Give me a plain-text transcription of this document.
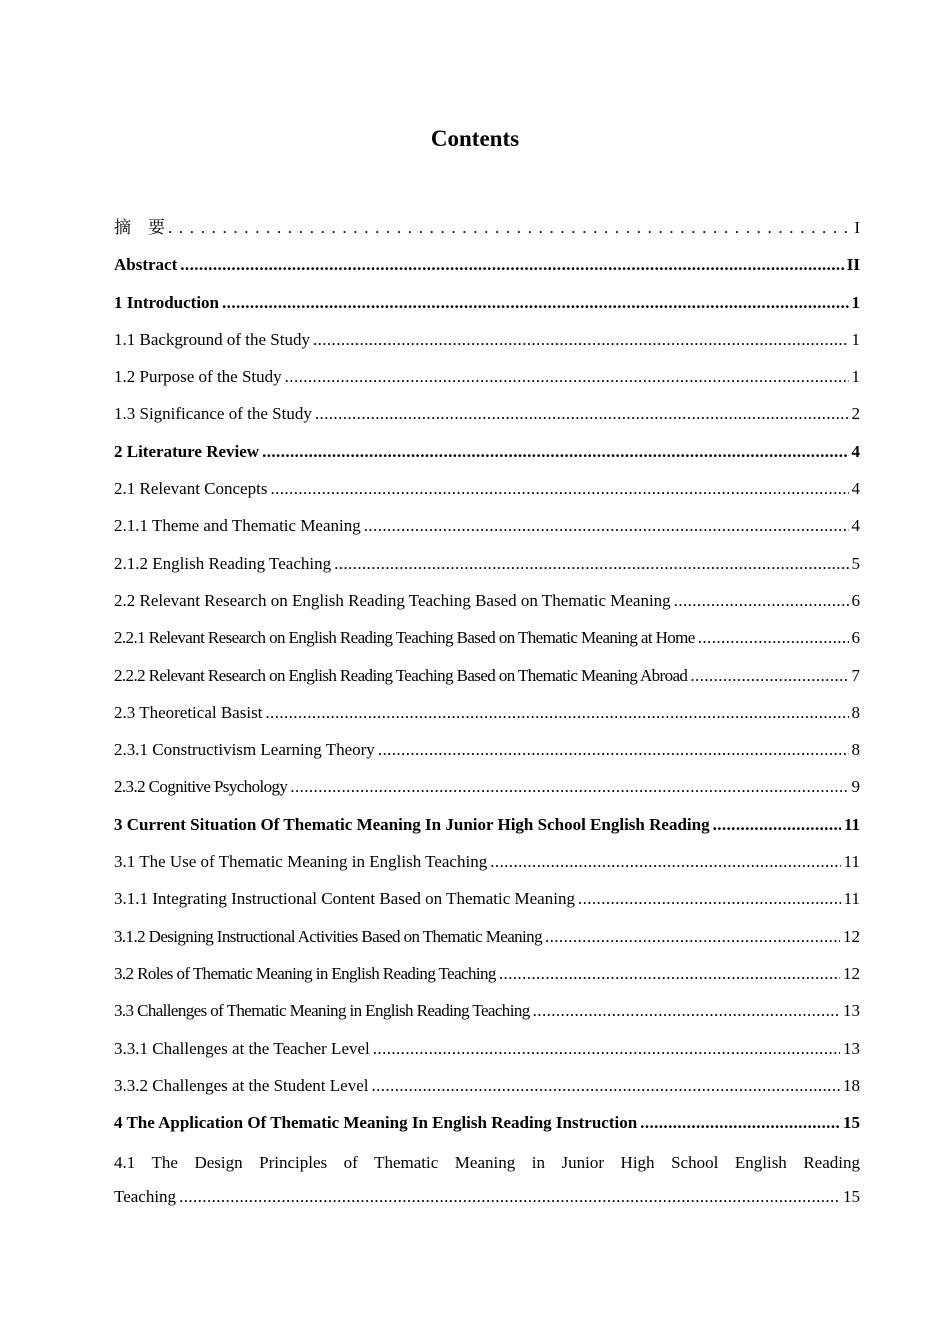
Contents
摘　要 . . .	I
Abstract .....	II
1 Introduction .....	1
1.1 Background of the Study .....	1
1.2 Purpose of the Study .....	1
1.3 Significance of the Study .....	2
2 Literature Review .....	4
2.1 Relevant Concepts .....	4
2.1.1 Theme and Thematic Meaning .....	4
2.1.2 English Reading Teaching .....	5
2.2 Relevant Research on English Reading Teaching Based on Thematic Meaning .....	6
2.2.1 Relevant Research on English Reading Teaching Based on Thematic Meaning at Home .....	6
2.2.2 Relevant Research on English Reading Teaching Based on Thematic Meaning Abroad .....	7
2.3 Theoretical Basist .....	8
2.3.1 Constructivism Learning Theory .....	8
2.3.2 Cognitive Psychology .....	9
3 Current Situation Of Thematic Meaning In Junior High School English Reading .....	11
3.1 The Use of Thematic Meaning in English Teaching .....	11
3.1.1 Integrating Instructional Content Based on Thematic Meaning .....	11
3.1.2 Designing Instructional Activities Based on Thematic Meaning .....	12
3.2 Roles of Thematic Meaning in English Reading Teaching .....	12
3.3 Challenges of Thematic Meaning in English Reading Teaching .....	13
3.3.1 Challenges at the Teacher Level .....	13
3.3.2 Challenges at the Student Level .....	18
4 The Application Of Thematic Meaning In English Reading Instruction .....	15
4.1 The Design Principles of Thematic Meaning in Junior High School English Reading
Teaching .....	15
